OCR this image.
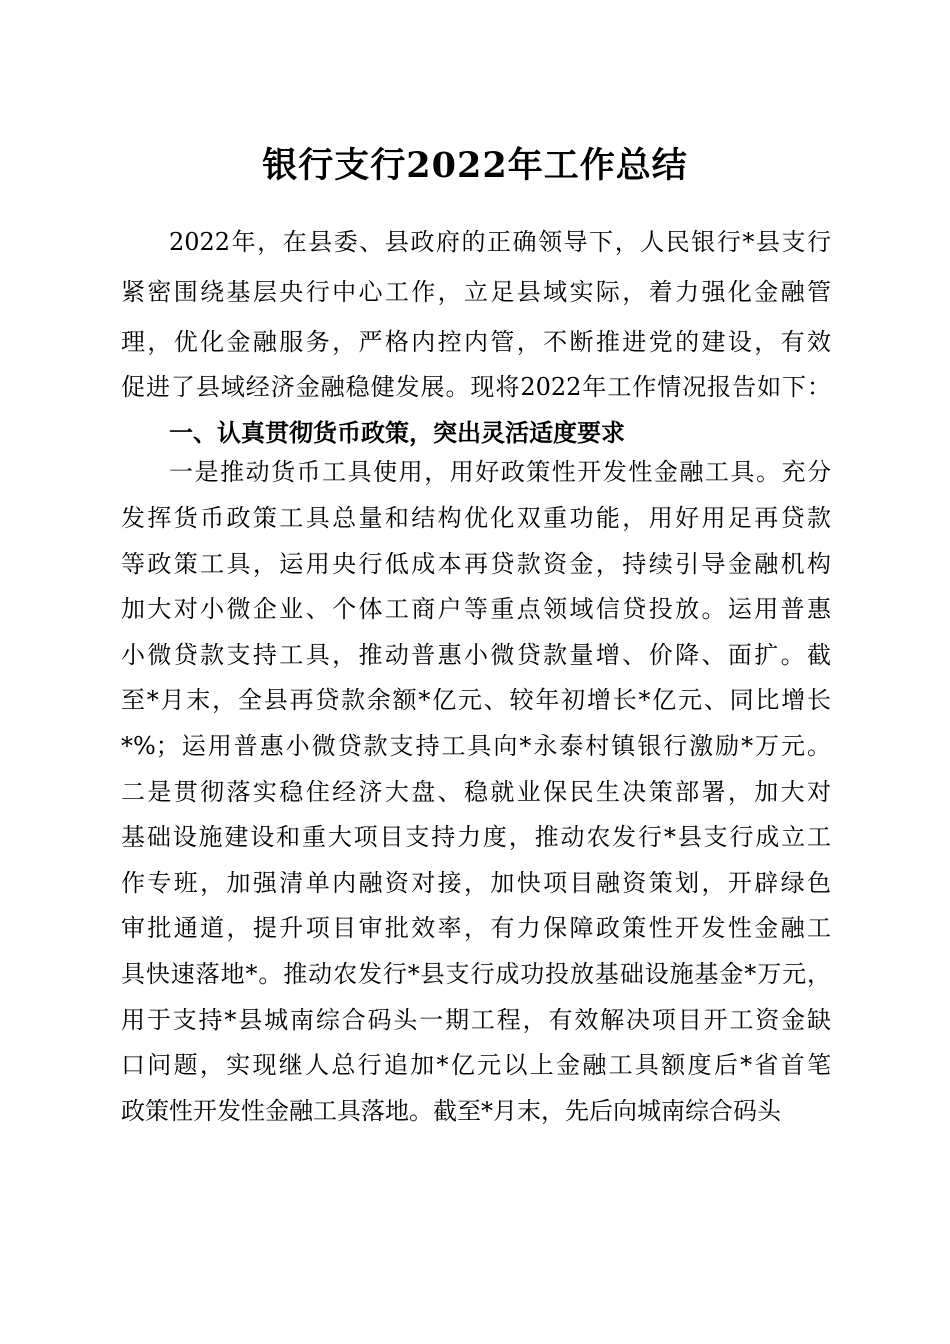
银行支行2022年工作总结
2022年，在县委、县政府的正确领导下，人民银行*县支行
紧密围绕基层央行中心工作，立足县域实际，着力强化金融管
理，优化金融服务，严格内控内管，不断推进党的建设，有效
促进了县域经济金融稳健发展。现将2022年工作情况报告如下：
一、认真贯彻货币政策，突出灵活适度要求
一是推动货币工具使用，用好政策性开发性金融工具。充分
发挥货币政策工具总量和结构优化双重功能，用好用足再贷款
等政策工具，运用央行低成本再贷款资金，持续引导金融机构
加大对小微企业、个体工商户等重点领域信贷投放。运用普惠
小微贷款支持工具，推动普惠小微贷款量增、价降、面扩。截
至*月末，全县再贷款余额*亿元、较年初增长*亿元、同比增长
*%；运用普惠小微贷款支持工具向*永泰村镇银行激励*万元。
二是贯彻落实稳住经济大盘、稳就业保民生决策部署，加大对
基础设施建设和重大项目支持力度，推动农发行*县支行成立工
作专班，加强清单内融资对接，加快项目融资策划，开辟绿色
审批通道，提升项目审批效率，有力保障政策性开发性金融工
具快速落地*。推动农发行*县支行成功投放基础设施基金*万元，
用于支持*县城南综合码头一期工程，有效解决项目开工资金缺
口问题，实现继人总行追加*亿元以上金融工具额度后*省首笔
政策性开发性金融工具落地。截至*月末，先后向城南综合码头
